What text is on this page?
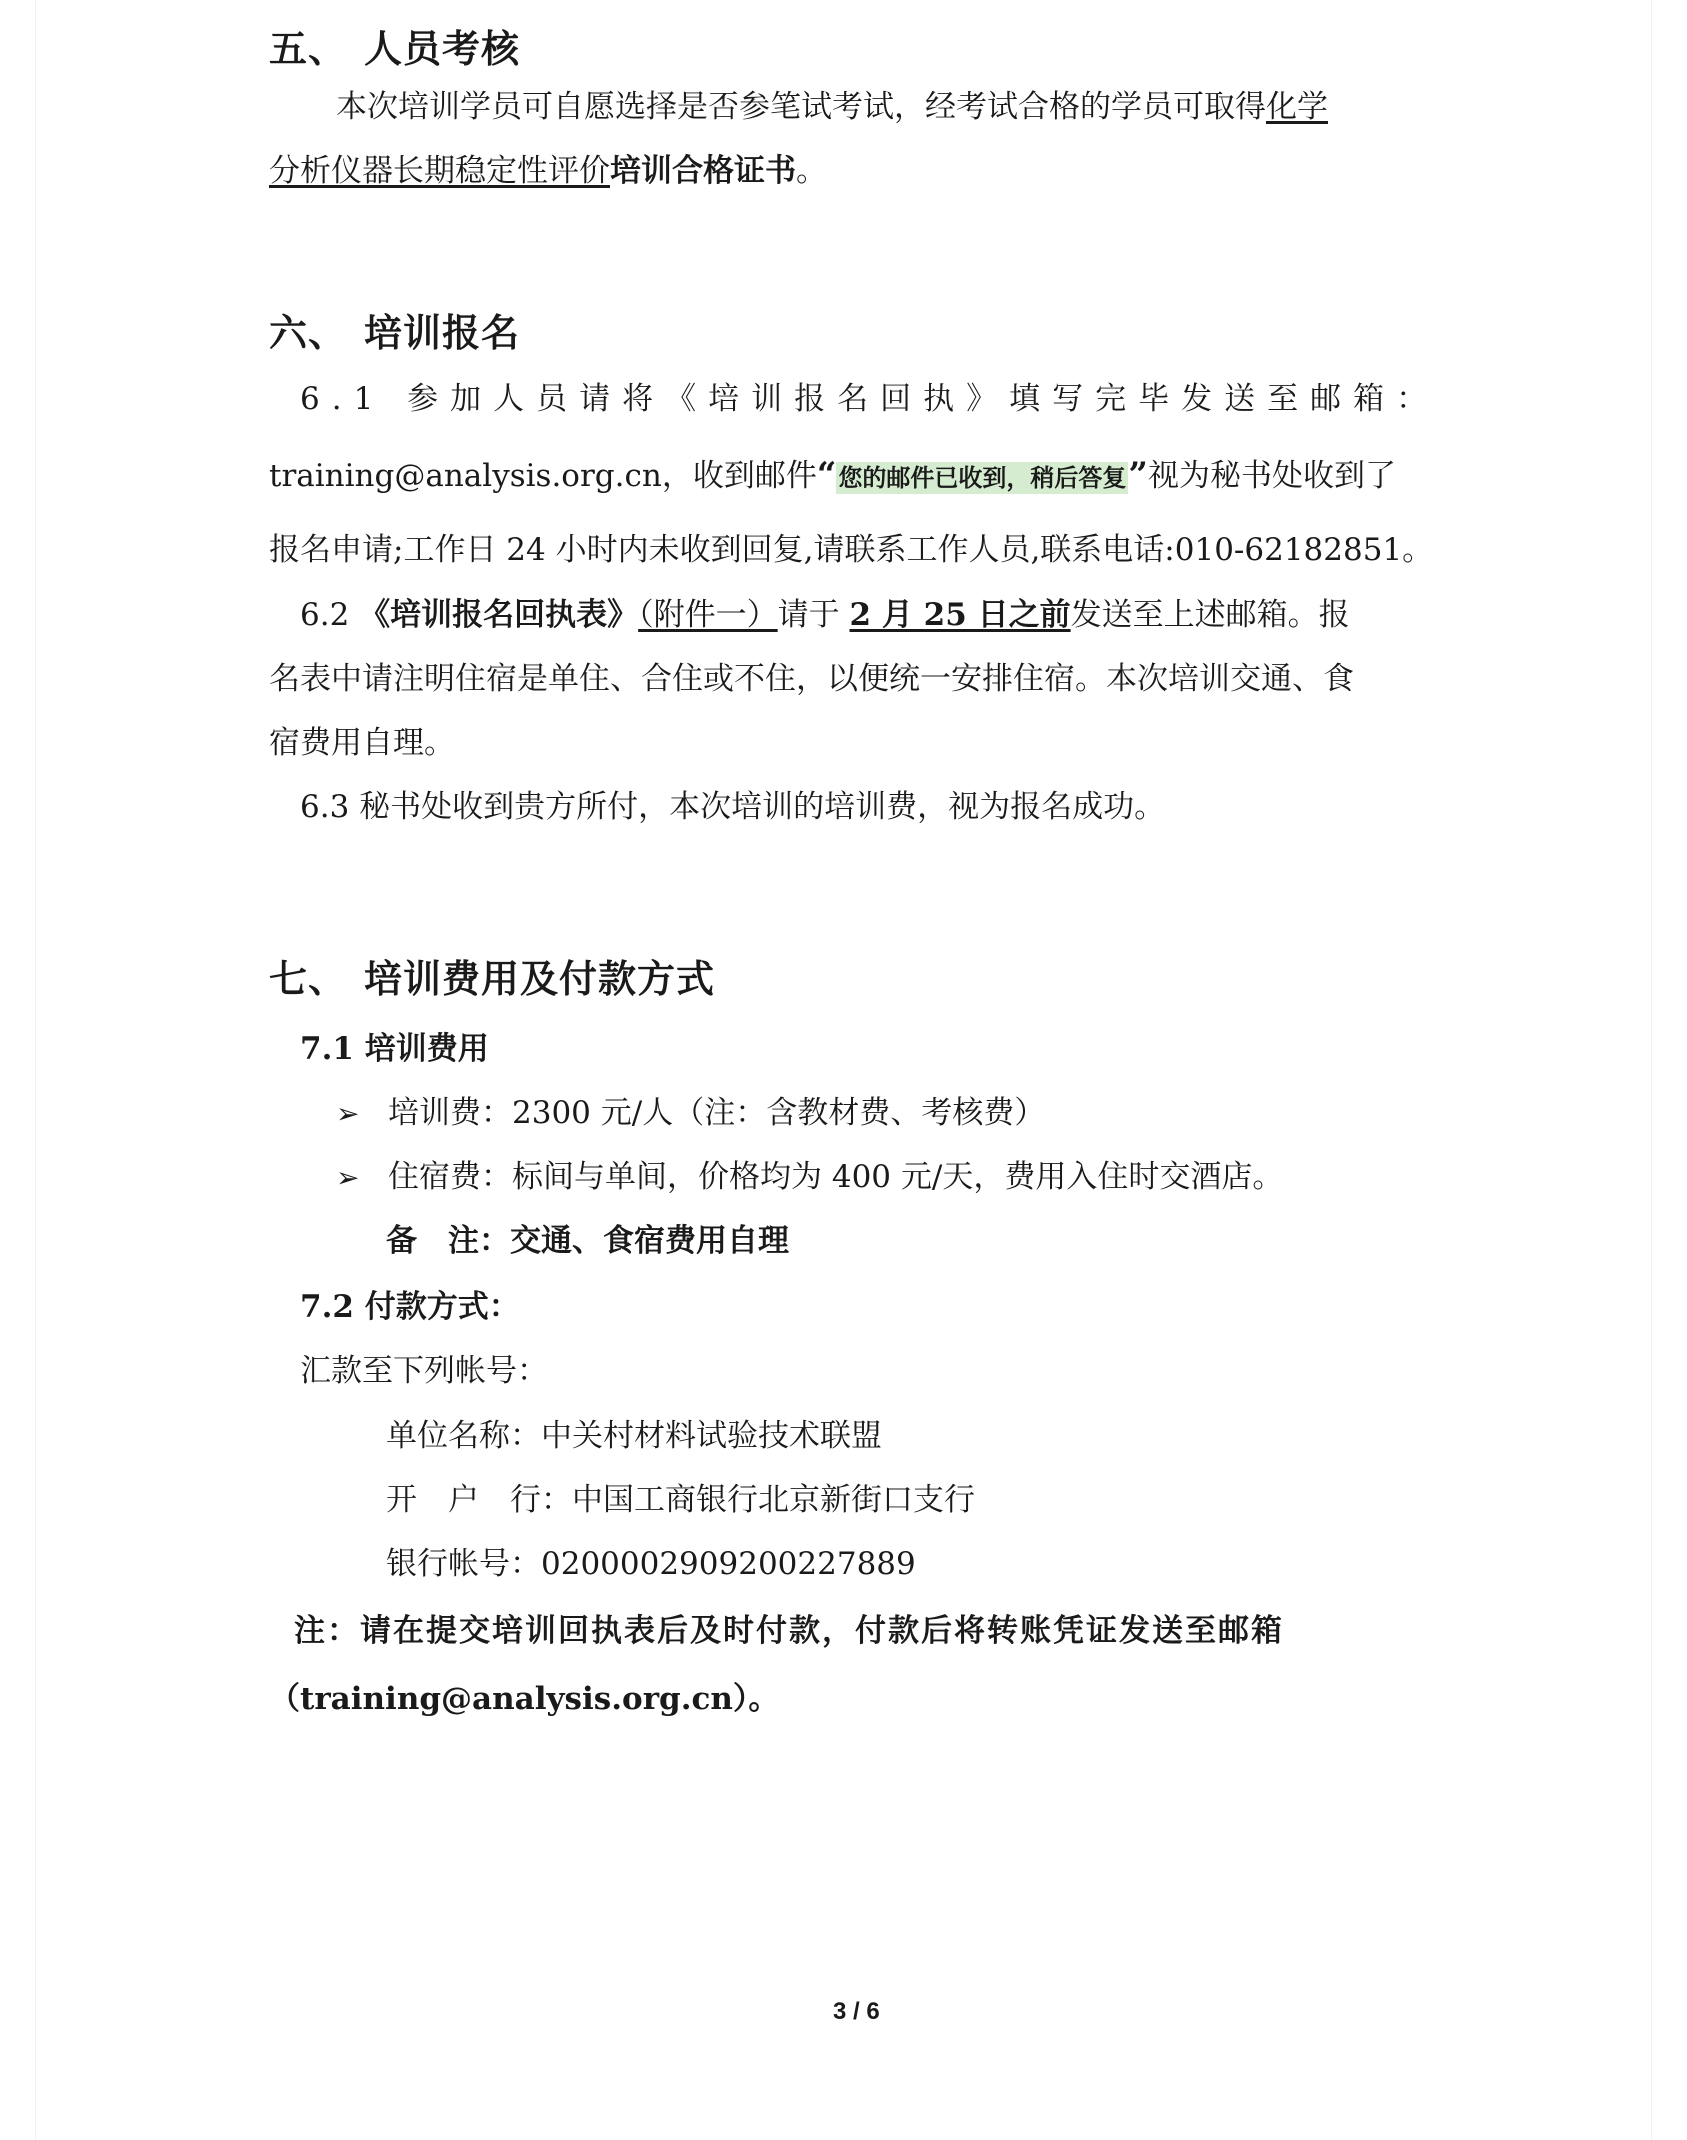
五、 人员考核
本次培训学员可自愿选择是否参笔试考试，经考试合格的学员可取得化学
分析仪器长期稳定性评价培训合格证书。
六、 培训报名
6.1 参加人员请将《培训报名回执》填写完毕发送至邮箱：
training@analysis.org.cn，收到邮件“您的邮件已收到，稍后答复”视为秘书处收到了
报名申请;工作日 24 小时内未收到回复,请联系工作人员,联系电话:010-62182851。
6.2 《培训报名回执表》（附件一）请于 2 月 25 日之前发送至上述邮箱。报
名表中请注明住宿是单住、合住或不住，以便统一安排住宿。本次培训交通、食
宿费用自理。
6.3 秘书处收到贵方所付，本次培训的培训费，视为报名成功。
七、 培训费用及付款方式
7.1 培训费用
➢ 培训费：2300 元/人（注：含教材费、考核费）
➢ 住宿费：标间与单间，价格均为 400 元/天，费用入住时交酒店。
备　注：交通、食宿费用自理
7.2 付款方式：
汇款至下列帐号：
单位名称：中关村材料试验技术联盟
开　户　行：中国工商银行北京新街口支行
银行帐号：0200002909200227889
注：请在提交培训回执表后及时付款，付款后将转账凭证发送至邮箱
（training@analysis.org.cn）。
3 / 6
